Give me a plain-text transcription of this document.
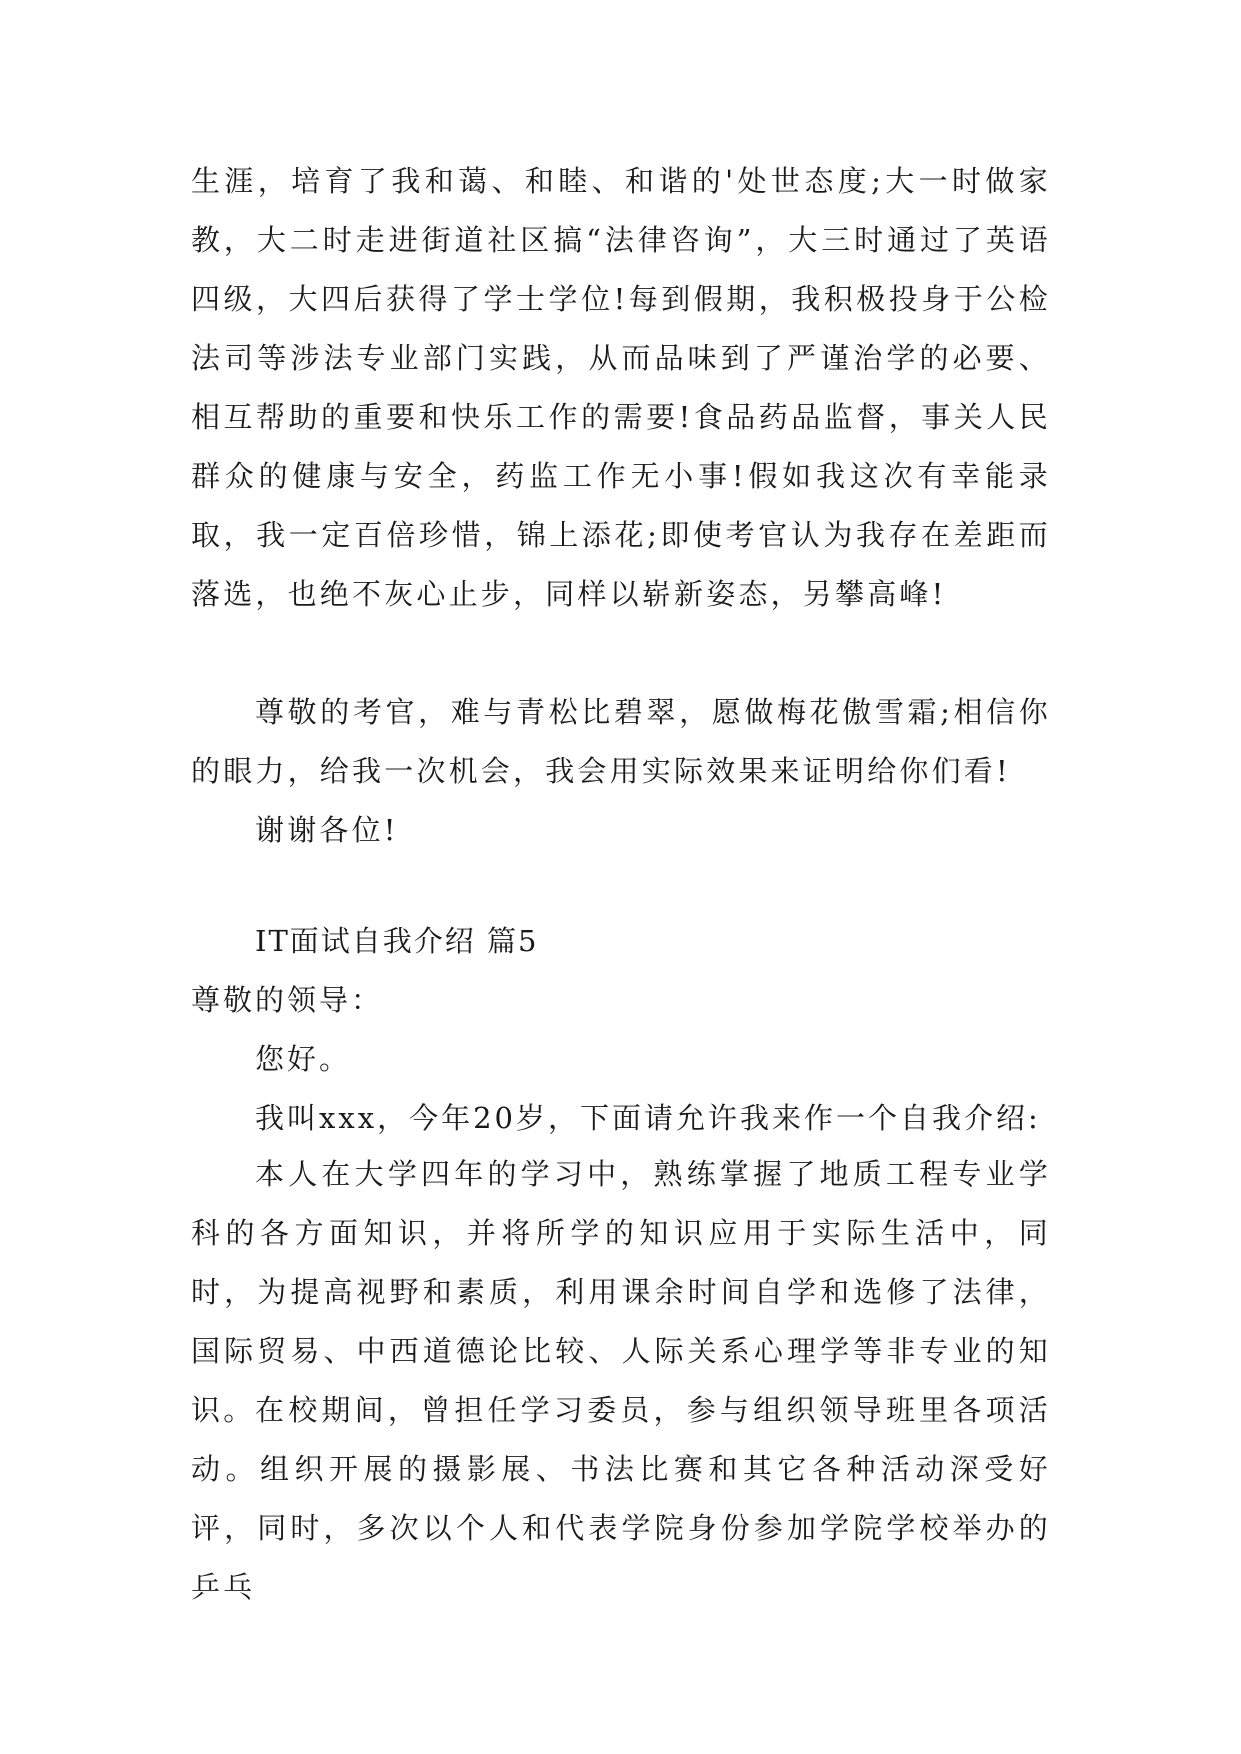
生涯，培育了我和蔼、和睦、和谐的'处世态度;大一时做家教，大二时走进街道社区搞“法律咨询”，大三时通过了英语四级，大四后获得了学士学位!每到假期，我积极投身于公检法司等涉法专业部门实践，从而品味到了严谨治学的必要、相互帮助的重要和快乐工作的需要!食品药品监督，事关人民群众的健康与安全，药监工作无小事!假如我这次有幸能录取，我一定百倍珍惜，锦上添花;即使考官认为我存在差距而落选，也绝不灰心止步，同样以崭新姿态，另攀高峰!

尊敬的考官，难与青松比碧翠，愿做梅花傲雪霜;相信你的眼力，给我一次机会，我会用实际效果来证明给你们看!

谢谢各位!

IT面试自我介绍 篇5
尊敬的领导：
您好。
我叫xxx，今年20岁，下面请允许我来作一个自我介绍:

本人在大学四年的学习中，熟练掌握了地质工程专业学科的各方面知识，并将所学的知识应用于实际生活中，同时，为提高视野和素质，利用课余时间自学和选修了法律，国际贸易、中西道德论比较、人际关系心理学等非专业的知识。 在校期间，曾担任学习委员，参与组织领导班里各项活动。组织开展的摄影展、书法比赛和其它各种活动深受好评，同时，多次以个人和代表学院身份参加学院学校举办的乒乓
